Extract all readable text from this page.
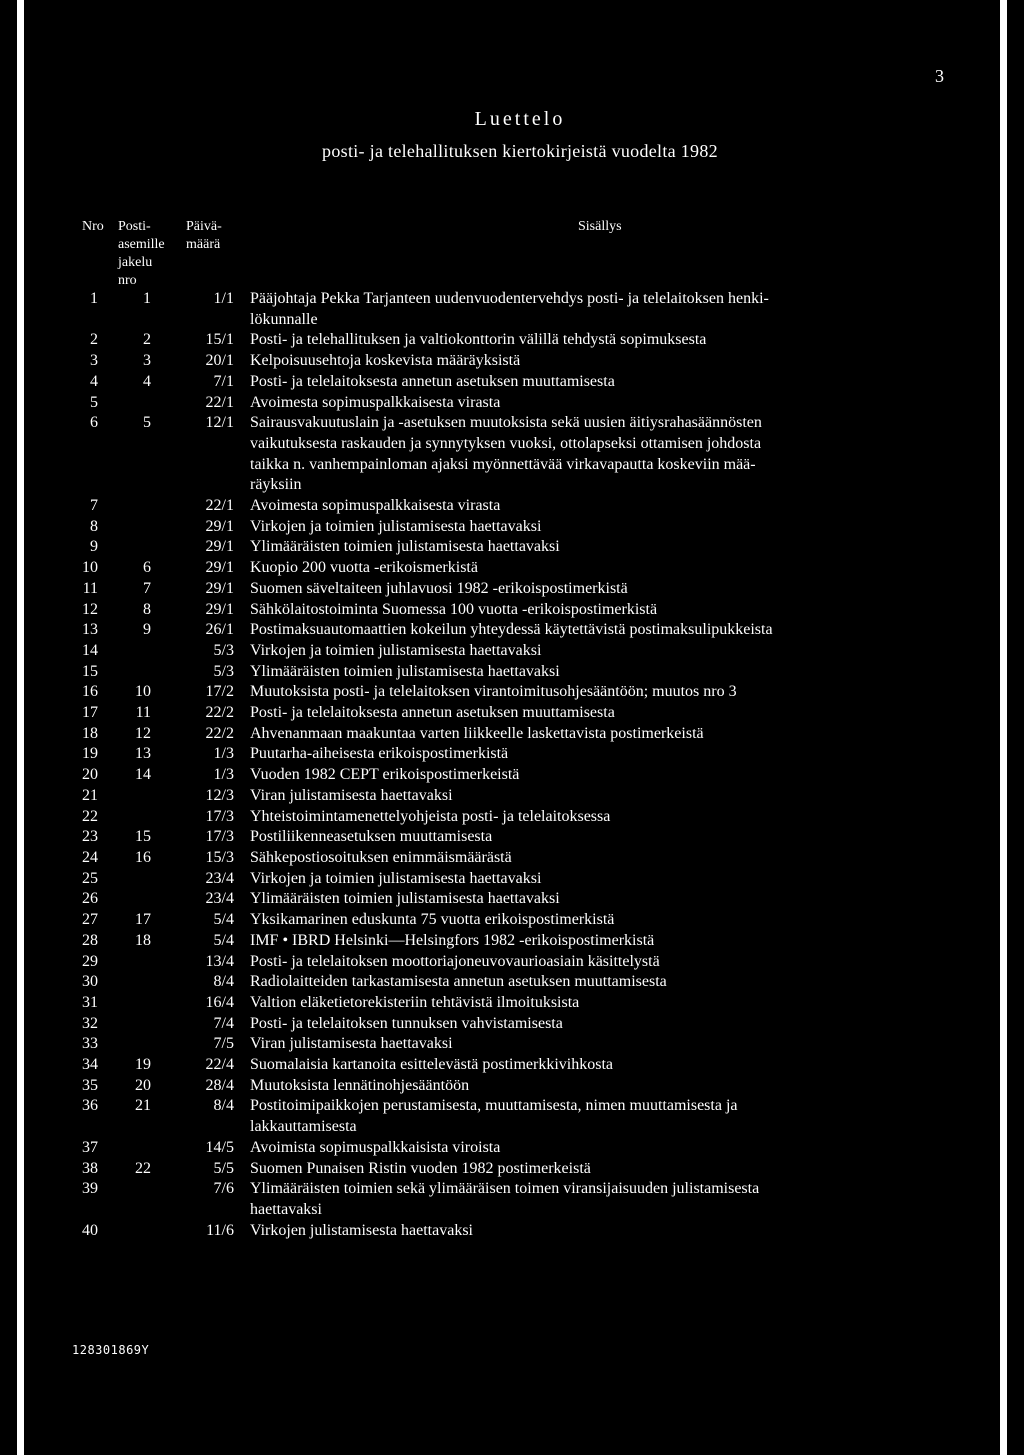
3
Luettelo
posti- ja telehallituksen kiertokirjeistä vuodelta 1982
Nro Posti-
asemille
jakelu
nro
Päivä-
määrä
Sisällys
1	1	1/1 Pääjohtaja Pekka Tarjanteen uudenvuodentervehdys posti- ja telelaitoksen henki-
lökunnalle
2	2	15/1 Posti- ja telehallituksen ja valtiokonttorin välillä tehdystä sopimuksesta
3	3	20/1 Kelpoisuusehtoja koskevista määräyksistä
4	4	7/1 Posti- ja telelaitoksesta annetun asetuksen muuttamisesta
5	22/1 Avoimesta sopimuspalkkaisesta virasta
6	5	12/1 Sairausvakuutuslain ja -asetuksen muutoksista sekä uusien äitiysrahasäännösten
vaikutuksesta raskauden ja synnytyksen vuoksi, ottolapseksi ottamisen johdosta
taikka n. vanhempainloman ajaksi myönnettävää virkavapautta koskeviin mää-
räyksiin
7	22/1 Avoimesta sopimuspalkkaisesta virasta
8	29/1 Virkojen ja toimien julistamisesta haettavaksi
9	29/1 Ylimääräisten toimien julistamisesta haettavaksi
10	6	29/1 Kuopio 200 vuotta -erikoismerkistä
11	7	29/1 Suomen säveltaiteen juhlavuosi 1982 -erikoispostimerkistä
12	8	29/1 Sähkölaitostoiminta Suomessa 100 vuotta -erikoispostimerkistä
13	9	26/1 Postimaksuautomaattien kokeilun yhteydessä käytettävistä postimaksulipukkeista
14	5/3 Virkojen ja toimien julistamisesta haettavaksi
15	5/3 Ylimääräisten toimien julistamisesta haettavaksi
16	10	17/2 Muutoksista posti- ja telelaitoksen virantoimitusohjesääntöön; muutos nro 3
17	11	22/2 Posti- ja telelaitoksesta annetun asetuksen muuttamisesta
18	12	22/2 Ahvenanmaan maakuntaa varten liikkeelle laskettavista postimerkeistä
19	13	1/3 Puutarha-aiheisesta erikoispostimerkistä
20	14	1/3 Vuoden 1982 CEPT erikoispostimerkeistä
21	12/3 Viran julistamisesta haettavaksi
22	17/3 Yhteistoimintamenettelyohjeista posti- ja telelaitoksessa
23	15	17/3 Postiliikenneasetuksen muuttamisesta
24	16	15/3 Sähkepostiosoituksen enimmäismäärästä
25	23/4 Virkojen ja toimien julistamisesta haettavaksi
26	23/4 Ylimääräisten toimien julistamisesta haettavaksi
27	17	5/4 Yksikamarinen eduskunta 75 vuotta erikoispostimerkistä
28	18	5/4 IMF • IBRD Helsinki—Helsingfors 1982 -erikoispostimerkistä
29	13/4 Posti- ja telelaitoksen moottoriajoneuvovaurioasiain käsittelystä
30	8/4 Radiolaitteiden tarkastamisesta annetun asetuksen muuttamisesta
31	16/4 Valtion eläketietorekisteriin tehtävistä ilmoituksista
32	7/4 Posti- ja telelaitoksen tunnuksen vahvistamisesta
33	7/5 Viran julistamisesta haettavaksi
34	19	22/4 Suomalaisia kartanoita esittelevästä postimerkkivihkosta
35	20	28/4 Muutoksista lennätinohjesääntöön
36	21	8/4 Postitoimipaikkojen perustamisesta, muuttamisesta, nimen muuttamisesta ja
lakkauttamisesta
37	14/5 Avoimista sopimuspalkkaisista viroista
38	22	5/5 Suomen Punaisen Ristin vuoden 1982 postimerkeistä
39	7/6 Ylimääräisten toimien sekä ylimääräisen toimen viransijaisuuden julistamisesta
haettavaksi
40	11/6 Virkojen julistamisesta haettavaksi
128301869Y
